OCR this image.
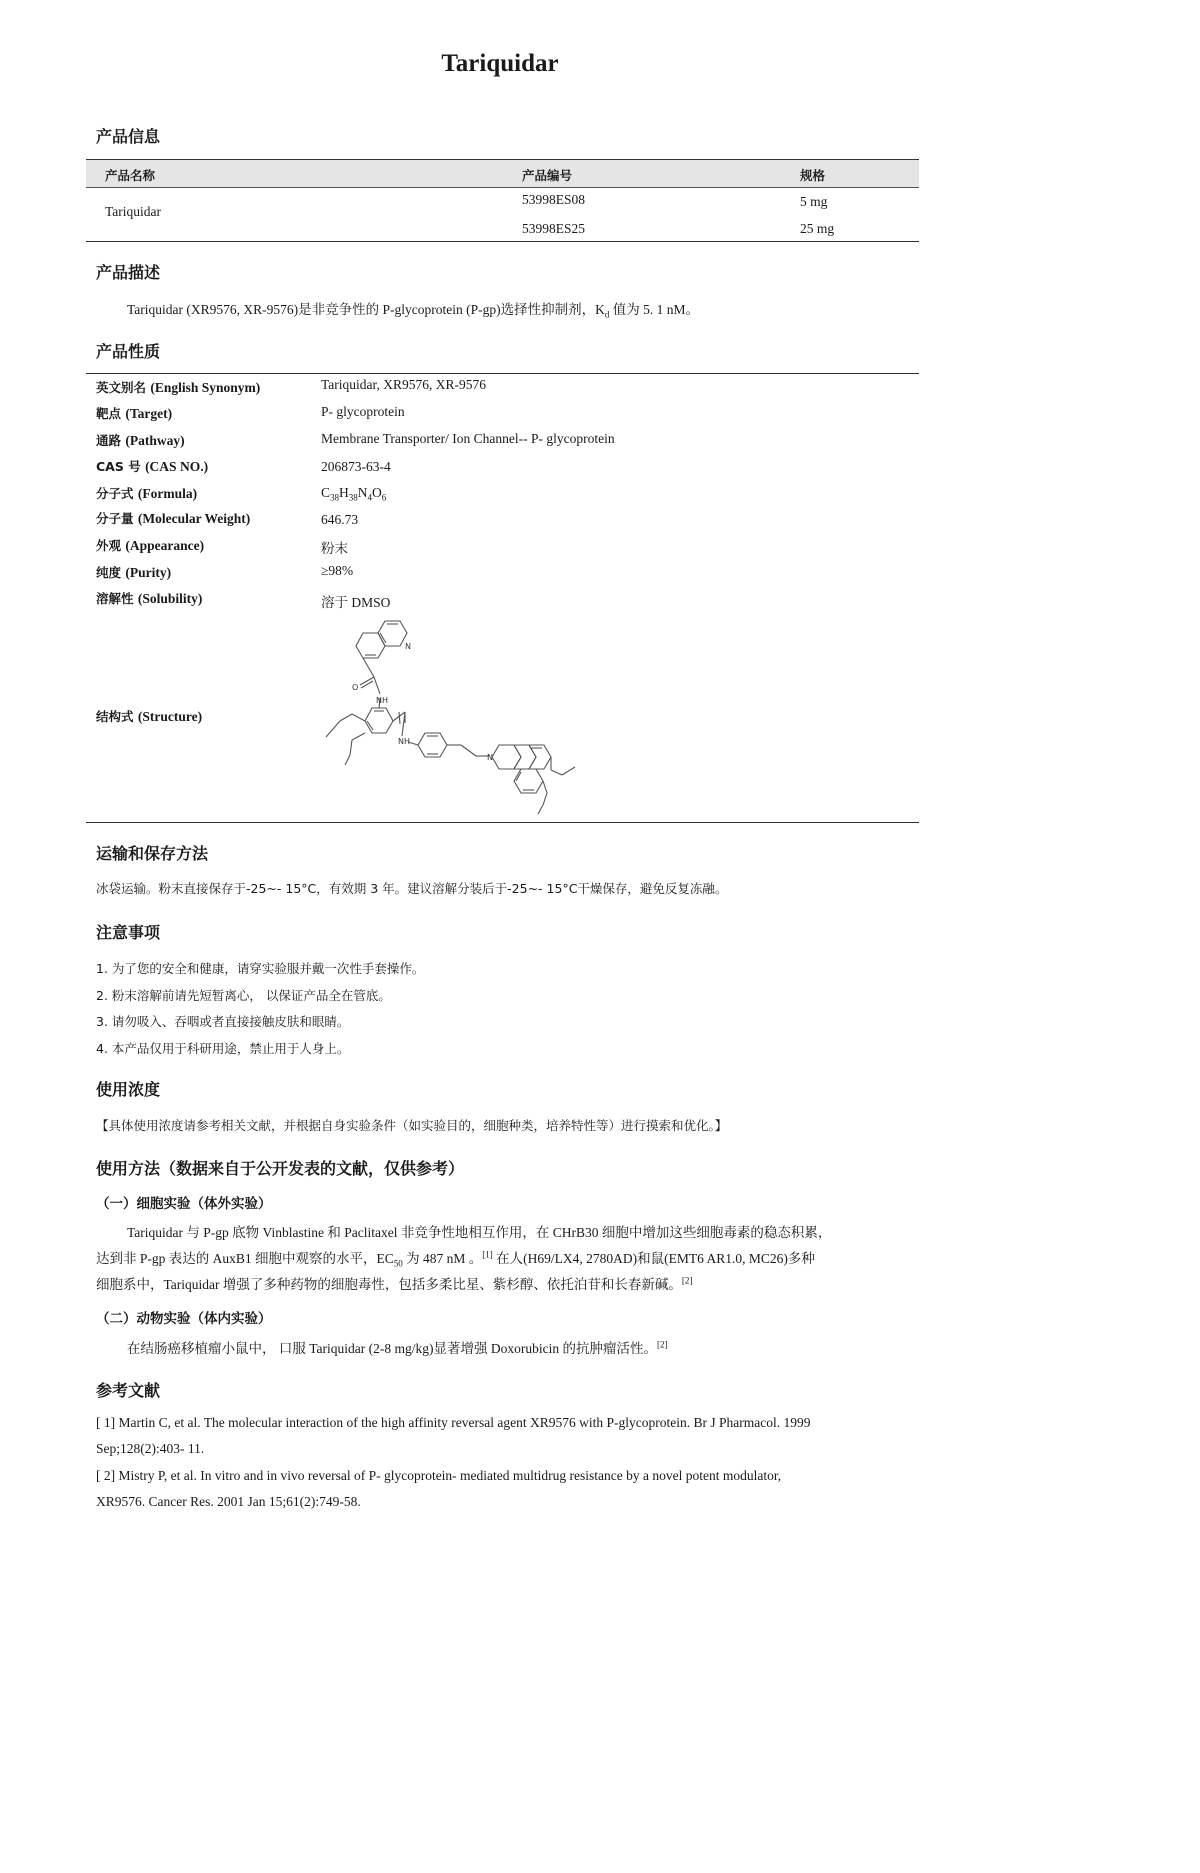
Tariquidar
产品信息
产品名称	产品编号	规格
Tariquidar
53998ES08	5 mg
53998ES25	25 mg
产品描述
Tariquidar (XR9576, XR-9576)是非竞争性的 P-glycoprotein (P-gp)选择性抑制剂，$K_d$ 值为 5. 1 nM。
产品性质
英文别名 (English Synonym)	Tariquidar, XR9576, XR-9576
靶点 (Target)	P- glycoprotein
通路 (Pathway)	Membrane Transporter/ Ion Channel-- P- glycoprotein
CAS 号 (CAS NO.)	206873-63-4
分子式 (Formula)	$C_{38}H_{38}N_4O_6$
分子量 (Molecular Weight)	646.73
外观 (Appearance)	粉末
纯度 (Purity)	≥98%
溶解性 (Solubility)	溶于 DMSO
结构式 (Structure)
N
NH
NH
O
N
运输和保存方法
冰袋运输。粉末直接保存于-25~- 15°C，有效期 3 年。建议溶解分装后于-25~- 15°C干燥保存，避免反复冻融。
注意事项
1. 为了您的安全和健康，请穿实验服并戴一次性手套操作。
2. 粉末溶解前请先短暂离心， 以保证产品全在管底。
3. 请勿吸入、吞咽或者直接接触皮肤和眼睛。
4. 本产品仅用于科研用途，禁止用于人身上。
使用浓度
【具体使用浓度请参考相关文献，并根据自身实验条件（如实验目的，细胞种类，培养特性等）进行摸索和优化。】
使用方法（数据来自于公开发表的文献，仅供参考）
（一）细胞实验（体外实验）
Tariquidar 与 P-gp 底物 Vinblastine 和 Paclitaxel 非竞争性地相互作用，在 CHrB30 细胞中增加这些细胞毒素的稳态积累，
达到非 P-gp 表达的 AuxB1 细胞中观察的水平，$EC_{50}$ 为 487 nM 。[1] 在人(H69/LX4, 2780AD)和鼠(EMT6 AR1.0, MC26)多种
细胞系中，Tariquidar 增强了多种药物的细胞毒性，包括多柔比星、紫杉醇、依托泊苷和长春新碱。[2]
（二）动物实验（体内实验）
在结肠癌移植瘤小鼠中， 口服 Tariquidar (2-8 mg/kg)显著增强 Doxorubicin 的抗肿瘤活性。[2]
参考文献
[ 1] Martin C, et al. The molecular interaction of the high affinity reversal agent XR9576 with P-glycoprotein. Br J Pharmacol. 1999
Sep;128(2):403- 11.
[ 2] Mistry P, et al. In vitro and in vivo reversal of P- glycoprotein- mediated multidrug resistance by a novel potent modulator,
XR9576. Cancer Res. 2001 Jan 15;61(2):749-58.
